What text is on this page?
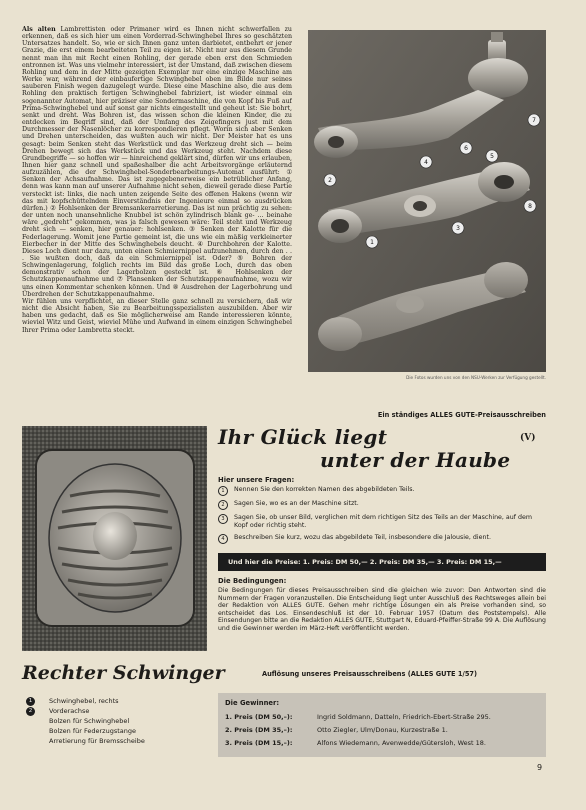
Als alten Lambrettisten oder Primaner wird es Ihnen nicht schwerfallen zu erkennen, daß es sich hier um einen Vorderrad-Schwinghebel Ihres so geschätzten Untersatzes handelt. So, wie er sich Ihnen ganz unten darbietet, entbehrt er jener Grazie, die erst einem bearbeiteten Teil zu eigen ist. Nicht nur aus diesem Grunde nennt man ihn mit Recht einen Rohling, der gerade eben erst den Schmieden entronnen ist. Was uns vielmehr interessiert, ist der Umstand, daß zwischen diesem Rohling und dem in der Mitte gezeigten Exemplar nur eine einzige Maschine am Werke war, während der einbaufertige Schwinghebel oben im Bilde nur seines sauberen Finish wegen dazugelegt wurde. Diese eine Maschine also, die aus dem Rohling den praktisch fertigen Schwinghebel fabriziert, ist wieder einmal ein sogenannter Automat, hier präziser eine Sondermaschine, die von Kopf bis Fuß auf Prima-Schwinghebel und auf sonst gar nichts eingestellt und geheut ist: Sie bohrt, senkt und dreht. Was Bohren ist, das wissen schon die kleinen Kinder, die zu entdecken im Begriff sind, daß der Umfang des Zeigefingers just mit dem Durchmesser der Nasenlöcher zu korrespondieren pflegt. Worin sich aber Senken und Drehen unterscheiden, das wußten auch wir nicht. Der Meister hat es uns gesagt: beim Senken steht das Werkstück und das Werkzeug dreht sich — beim Drehen bewegt sich das Werkstück und das Werkzeug steht. Nachdem diese Grundbegriffe — so hoffen wir — hinreichend geklärt sind, dürfen wir uns erlauben, Ihnen hier ganz schnell und spaßeshalber die acht Arbeitsvorgänge erläuternd aufzuzählen, die der Schwinghebel-Sonderbearbeitungs-Automat ausführt: ① Senken der Achsaufnahme. Das ist zugegebenerweise ein betrüblicher Anfang, denn was kann man auf unserer Aufnahme nicht sehen, dieweil gerade diese Partie versteckt ist: links, die nach unten zeigende Seite des offenen Hakens (wenn wir das mit kopfschüttelndem Einverständnis der Ingenieure einmal so ausdrücken dürfen.) ② Hohlsenken der Bremsankerarretierung. Das ist nun prächtig zu sehen: der unten noch unansehnliche Knubbel ist schön zylindrisch blank ge- … beinahe wäre „gedreht“ gekommen, was ja falsch gewesen wäre: Teil steht und Werkzeug dreht sich — senken, hier genauer: hohlsenken. ③ Senken der Kalotte für die Federlagerung. Womit jene Partie gemeint ist, die uns wie ein mäßig verkleinerter Eierbecher in der Mitte des Schwinghebels deucht. ④ Durchbohren der Kalotte. Dieses Loch dient nur dazu, unten einen Schmiernippel aufzunehmen, durch den . . . Sie wußten doch, daß da ein Schmiernippel ist. Oder? ⑤ Bohren der Schwingenlagerung, folglich rechts im Bild das große Loch, durch das oben demonstrativ schon der Lagerbolzen gesteckt ist. ⑥ Hohlsenken der Schutzkappenaufnahme und ⑦ Plansenken der Schutzkappenaufnahme, wozu wir uns einen Kommentar schenken können. Und ⑧ Ausdrehen der Lagerbohrung und Überdrehen der Schutzkappenaufnahme.
Wir fühlen uns verpflichtet, an dieser Stelle ganz schnell zu versichern, daß wir nicht die Absicht haben, Sie zu Bearbeitungsspezialisten auszubilden. Aber wir haben uns gedacht, daß es Sie möglicherweise am Rande interessieren könnte, wieviel Witz und Geist, wieviel Mühe und Aufwand in einem einzigen Schwinghebel Ihrer Prima oder Lambretta steckt.
1
2
3
4
5
6
7
8
Die Fotos wurden uns von den NSU-Werken zur Verfügung gestellt.
Ein ständiges ALLES GUTE-Preisausschreiben
Ihr Glück liegt	(V)
unter der Haube
Hier unsere Fragen:
1 Nennen Sie den korrekten Namen des abgebildeten Teils.
2 Sagen Sie, wo es an der Maschine sitzt.
3 Sagen Sie, ob unser Bild, verglichen mit dem richtigen Sitz des Teils an der Maschine, auf dem Kopf oder richtig steht.
4 Beschreiben Sie kurz, wozu das abgebildete Teil, insbesondere die Jalousie, dient.
Und hier die Preise: 1. Preis: DM 50,— 2. Preis: DM 35,— 3. Preis: DM 15,—
Die Bedingungen:
Die Bedingungen für dieses Preisausschreiben sind die gleichen wie zuvor: Den Antworten sind die Nummern der Fragen voranzustellen. Die Entscheidung liegt unter Ausschluß des Rechtsweges allein bei der Redaktion von ALLES GUTE. Gehen mehr richtige Lösungen ein als Preise vorhanden sind, so entscheidet das Los. Einsendeschluß ist der 10. Februar 1957 (Datum des Poststempels). Alle Einsendungen bitte an die Redaktion ALLES GUTE, Stuttgart N, Eduard-Pfeiffer-Straße 99 A. Die Auflösung und die Gewinner werden im März-Heft veröffentlicht werden.
Rechter Schwinger	Auflösung unseres Preisausschreibens (ALLES GUTE 1/57)
1	Schwinghebel, rechts
2	Vorderachse
Bolzen für Schwinghebel
Bolzen für Federzugstange
Arretierung für Bremsscheibe
Die Gewinner:
1. Preis (DM 50,–):	Ingrid Soldmann, Datteln, Friedrich-Ebert-Straße 295.
2. Preis (DM 35,–):	Otto Ziegler, Ulm/Donau, Kurzestraße 1.
3. Preis (DM 15,–):	Alfons Wiedemann, Avenwedde/Gütersloh, West 18.
9
